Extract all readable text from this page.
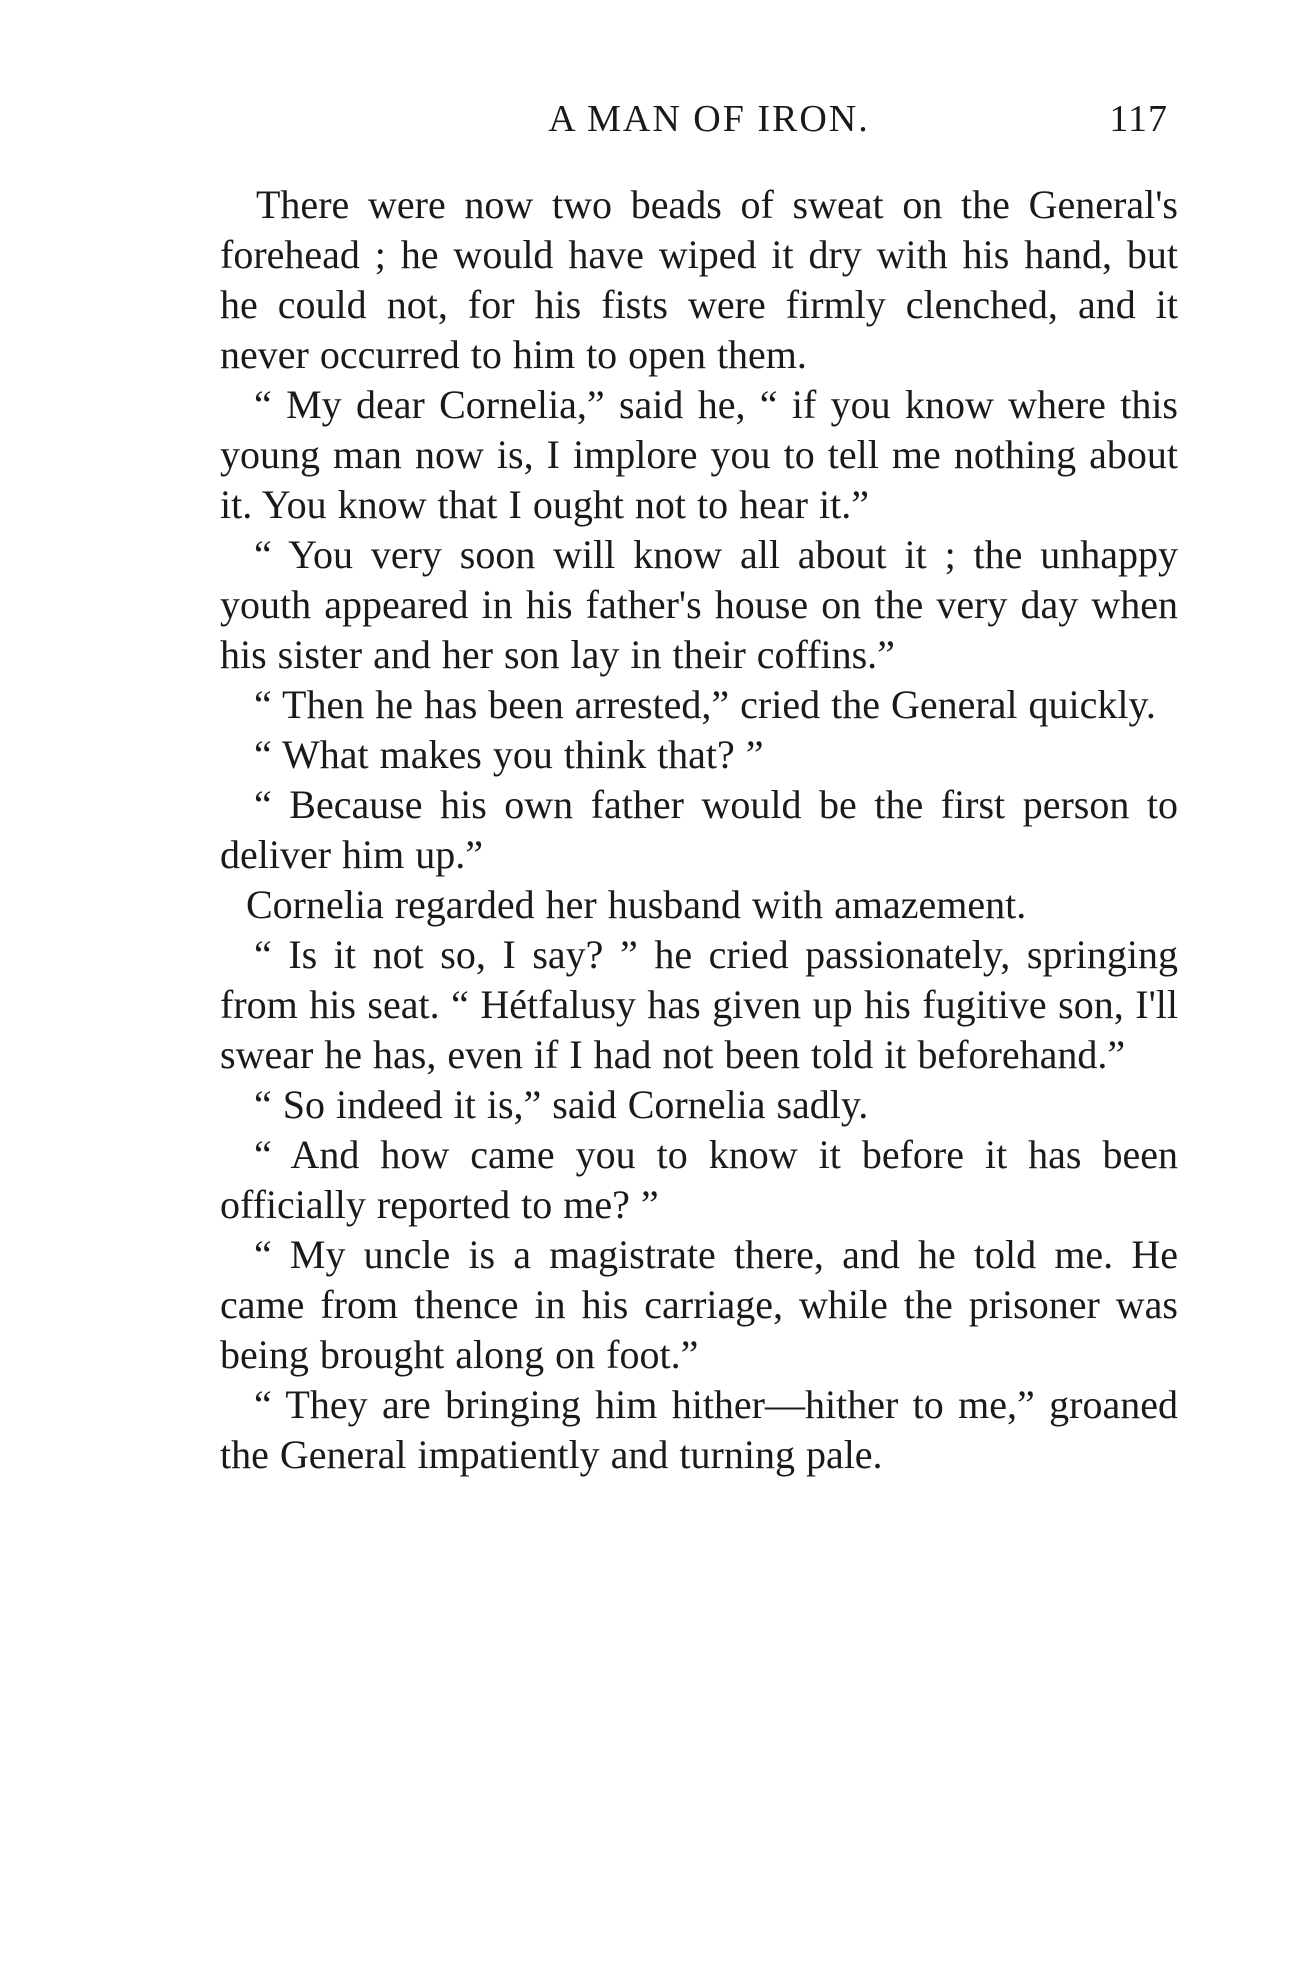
A MAN OF IRON.	117

There were now two beads of sweat on the General's forehead ; he would have wiped it dry with his hand, but he could not, for his fists were firmly clenched, and it never occurred to him to open them.

“ My dear Cornelia,” said he, “ if you know where this young man now is, I implore you to tell me nothing about it. You know that I ought not to hear it.”

“ You very soon will know all about it ; the unhappy youth appeared in his father's house on the very day when his sister and her son lay in their coffins.”

“ Then he has been arrested,” cried the General quickly.

“ What makes you think that? ”

“ Because his own father would be the first person to deliver him up.”

Cornelia regarded her husband with amazement.

“ Is it not so, I say? ” he cried passionately, springing from his seat. “ Hétfalusy has given up his fugitive son, I'll swear he has, even if I had not been told it beforehand.”

“ So indeed it is,” said Cornelia sadly.

“ And how came you to know it before it has been officially reported to me? ”

“ My uncle is a magistrate there, and he told me. He came from thence in his carriage, while the prisoner was being brought along on foot.”

“ They are bringing him hither—hither to me,” groaned the General impatiently and turning pale.
